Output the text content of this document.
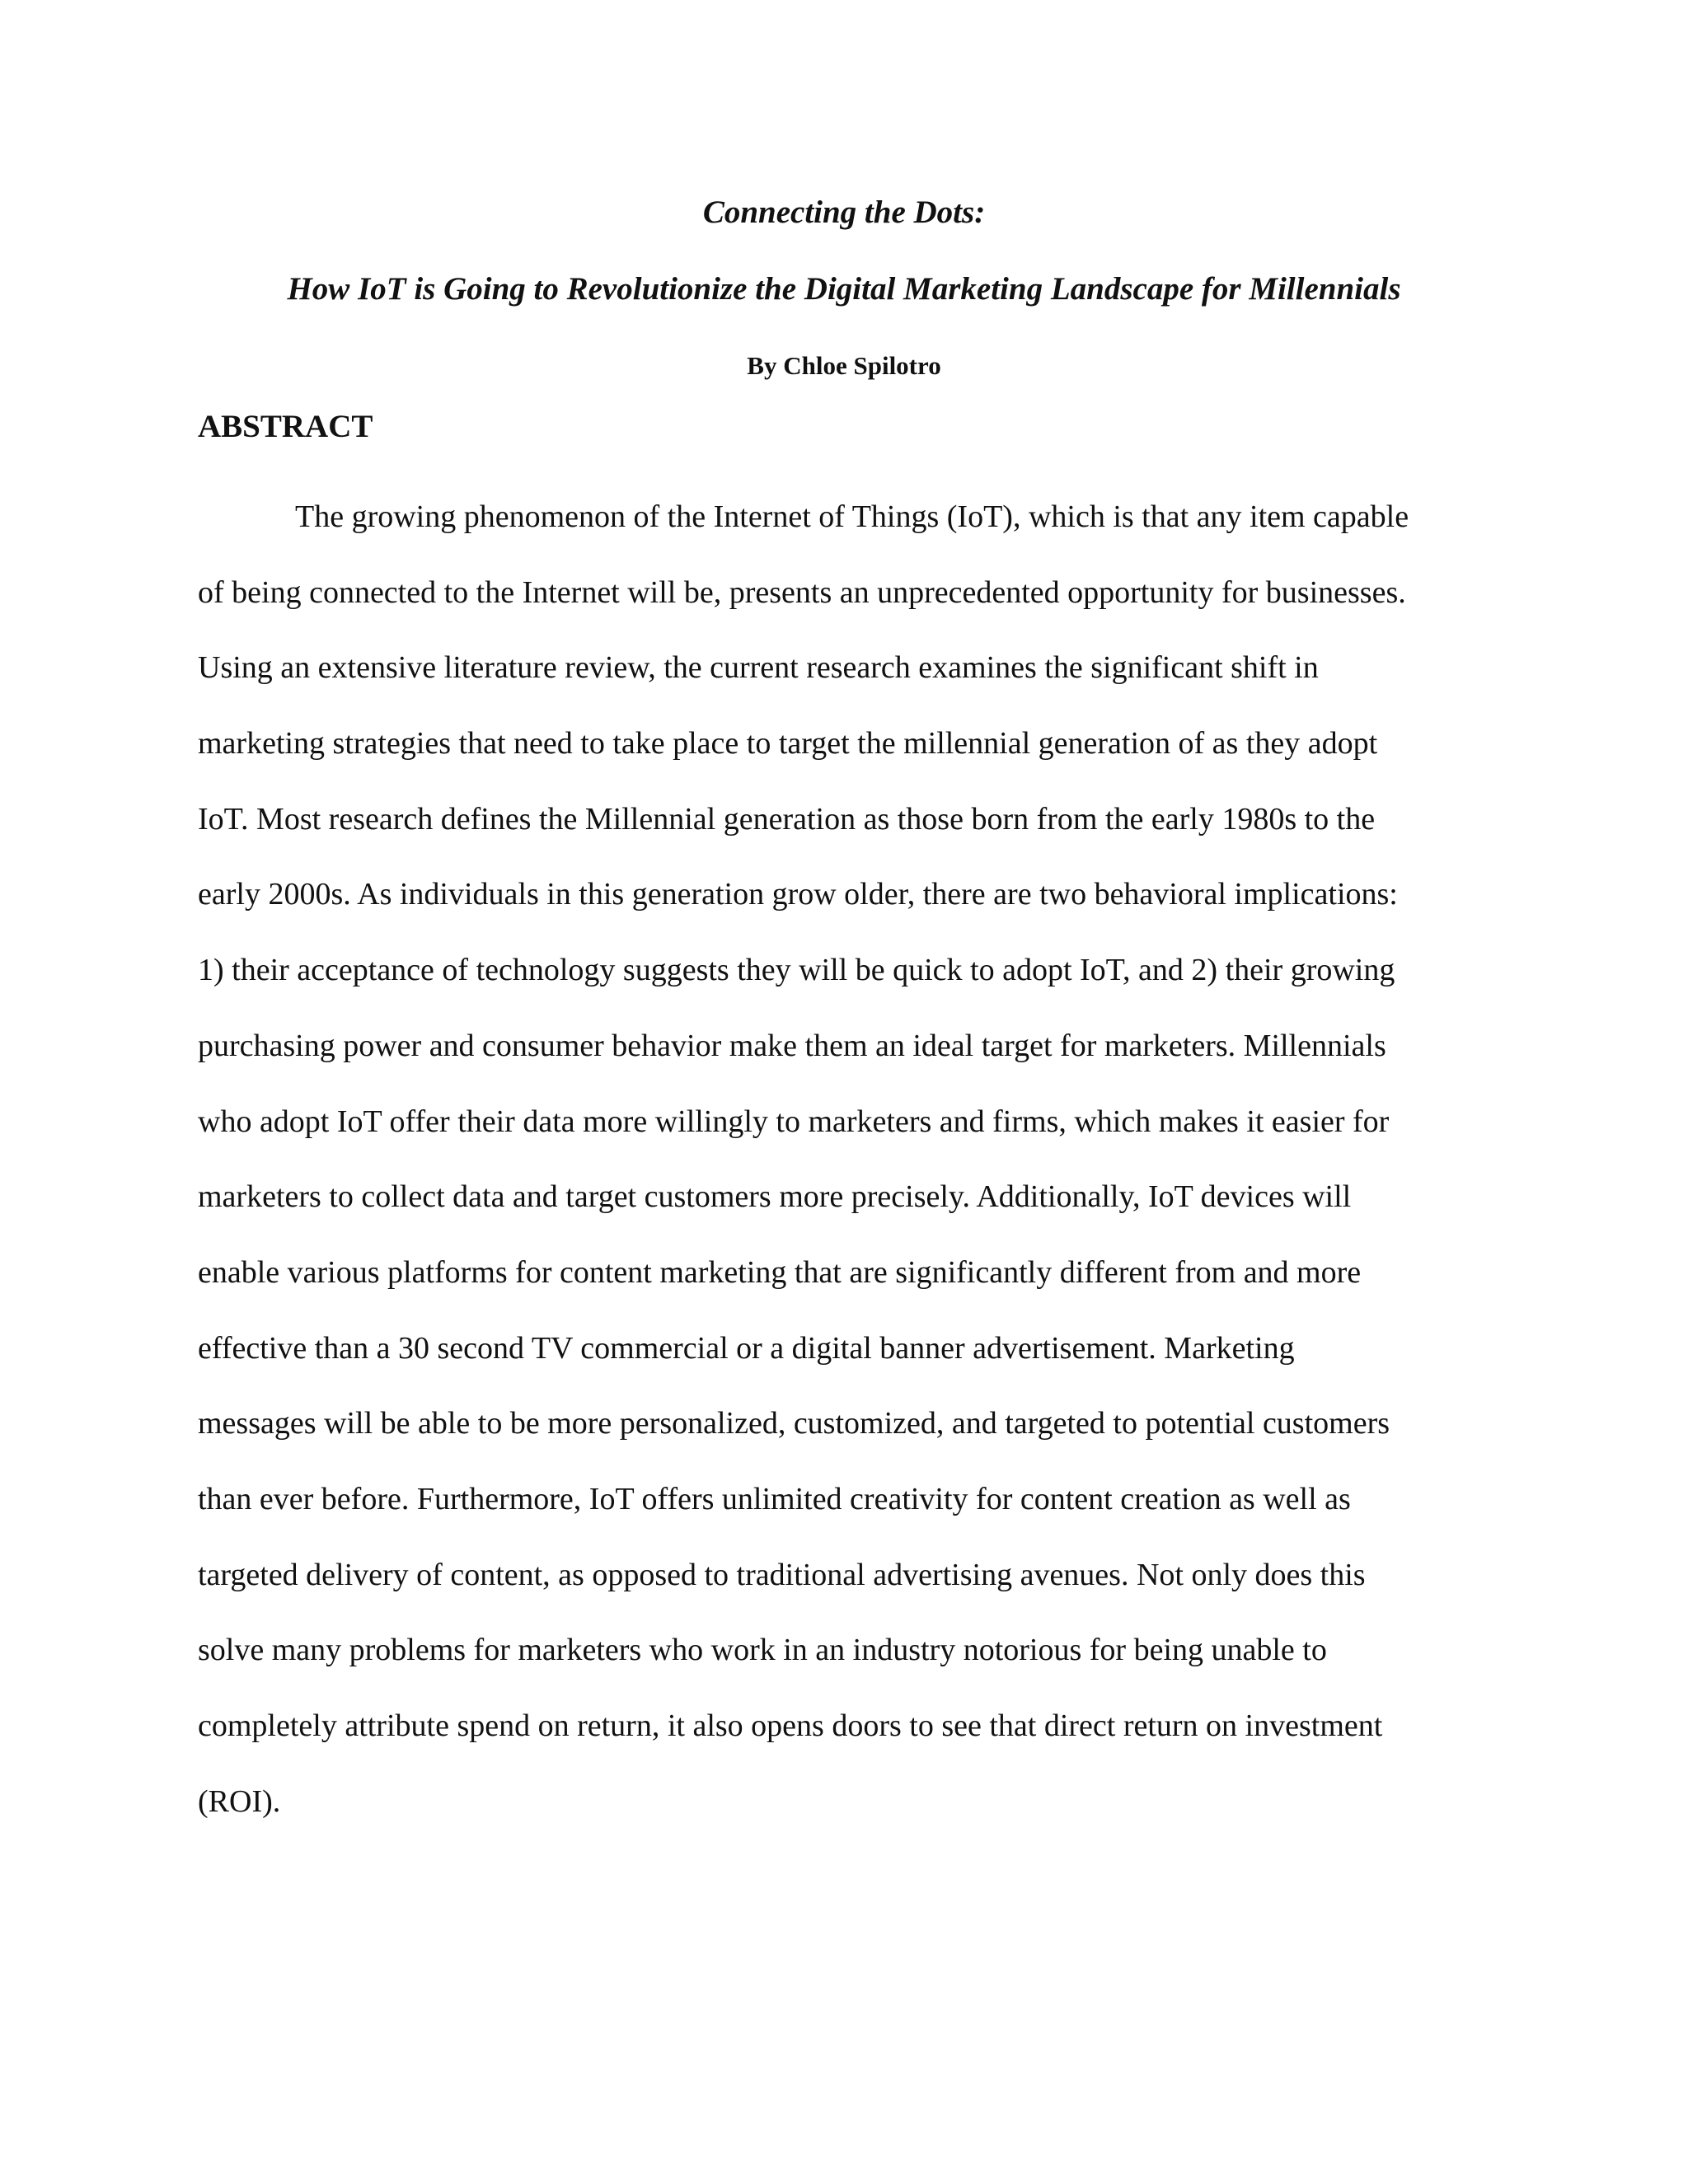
Connecting the Dots:
How IoT is Going to Revolutionize the Digital Marketing Landscape for Millennials
By Chloe Spilotro
ABSTRACT
The growing phenomenon of the Internet of Things (IoT), which is that any item capable
of being connected to the Internet will be, presents an unprecedented opportunity for businesses.
Using an extensive literature review, the current research examines the significant shift in
marketing strategies that need to take place to target the millennial generation of as they adopt
IoT. Most research defines the Millennial generation as those born from the early 1980s to the
early 2000s. As individuals in this generation grow older, there are two behavioral implications:
1) their acceptance of technology suggests they will be quick to adopt IoT, and 2) their growing
purchasing power and consumer behavior make them an ideal target for marketers. Millennials
who adopt IoT offer their data more willingly to marketers and firms, which makes it easier for
marketers to collect data and target customers more precisely. Additionally, IoT devices will
enable various platforms for content marketing that are significantly different from and more
effective than a 30 second TV commercial or a digital banner advertisement. Marketing
messages will be able to be more personalized, customized, and targeted to potential customers
than ever before. Furthermore, IoT offers unlimited creativity for content creation as well as
targeted delivery of content, as opposed to traditional advertising avenues. Not only does this
solve many problems for marketers who work in an industry notorious for being unable to
completely attribute spend on return, it also opens doors to see that direct return on investment
(ROI).
